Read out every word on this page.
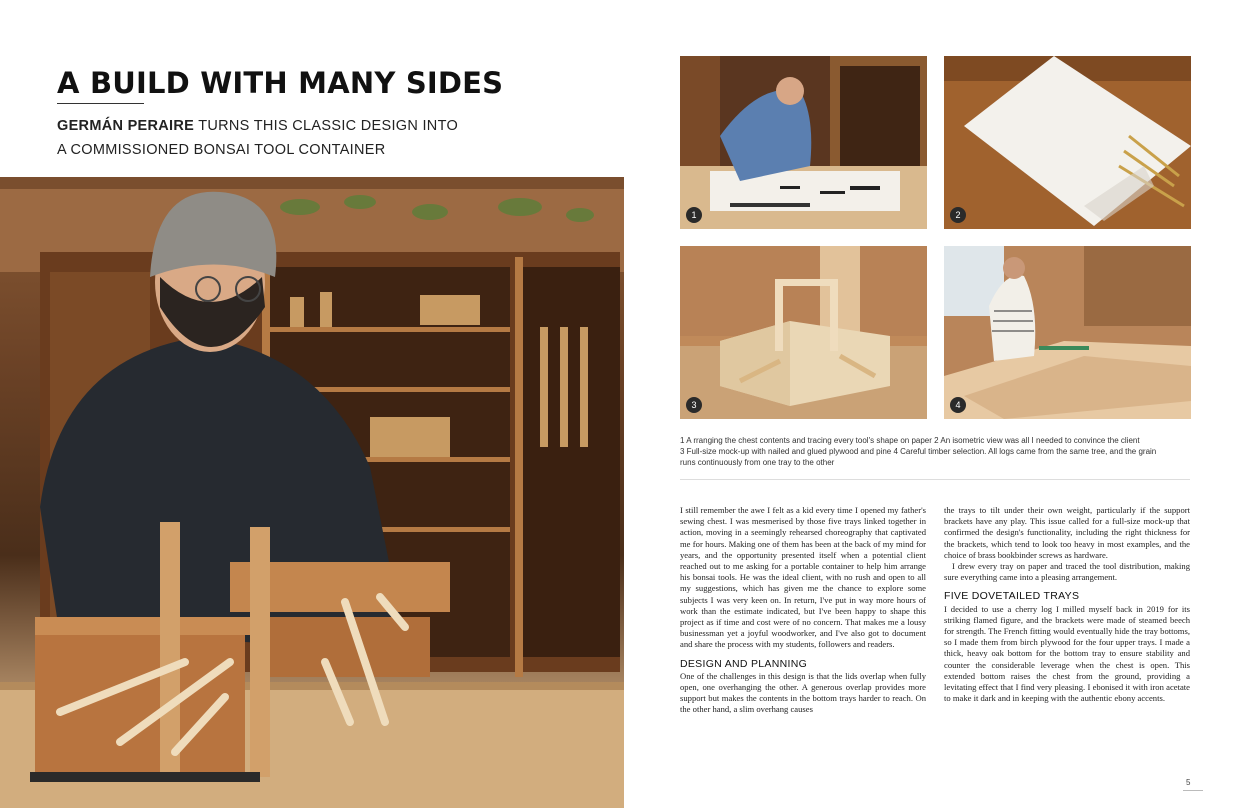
A BUILD WITH MANY SIDES
GERMÁN PERAIRE TURNS THIS CLASSIC DESIGN INTO
A COMMISSIONED BONSAI TOOL CONTAINER
1	2
3	4
1 A rranging the chest contents and tracing every tool's shape on paper 2 An isometric view was all I needed to convince the client
3 Full-size mock-up with nailed and glued plywood and pine 4 Careful timber selection. All logs came from the same tree, and the grain
runs continuously from one tray to the other

I still remember the awe I felt as a kid every time I opened my father's sewing chest. I was mesmerised by those five trays linked together in action, moving in a seemingly rehearsed choreography that captivated me for hours. Making one of them has been at the back of my mind for years, and the opportunity presented itself when a potential client reached out to me asking for a portable container to help him arrange his bonsai tools. He was the ideal client, with no rush and open to all my suggestions, which has given me the chance to explore some subjects I was very keen on. In return, I've put in way more hours of work than the estimate indicated, but I've been happy to shape this project as if time and cost were of no concern. That makes me a lousy businessman yet a joyful woodworker, and I've also got to document and share the process with my students, followers and readers.

DESIGN AND PLANNING

One of the challenges in this design is that the lids overlap when fully open, one overhanging the other. A generous overlap provides more support but makes the contents in the bottom trays harder to reach. On the other hand, a slim overhang causes

the trays to tilt under their own weight, particularly if the support brackets have any play. This issue called for a full-size mock-up that confirmed the design's functionality, including the right thickness for the brackets, which tend to look too heavy in most examples, and the choice of brass bookbinder screws as hardware.

I drew every tray on paper and traced the tool distribution, making sure everything came into a pleasing arrangement.

FIVE DOVETAILED TRAYS

I decided to use a cherry log I milled myself back in 2019 for its striking flamed figure, and the brackets were made of steamed beech for strength. The French fitting would eventually hide the tray bottoms, so I made them from birch plywood for the four upper trays. I made a thick, heavy oak bottom for the bottom tray to ensure stability and counter the considerable leverage when the chest is open. This extended bottom raises the chest from the ground, providing a levitating effect that I find very pleasing. I ebonised it with iron acetate to make it dark and in keeping with the authentic ebony accents.

5
